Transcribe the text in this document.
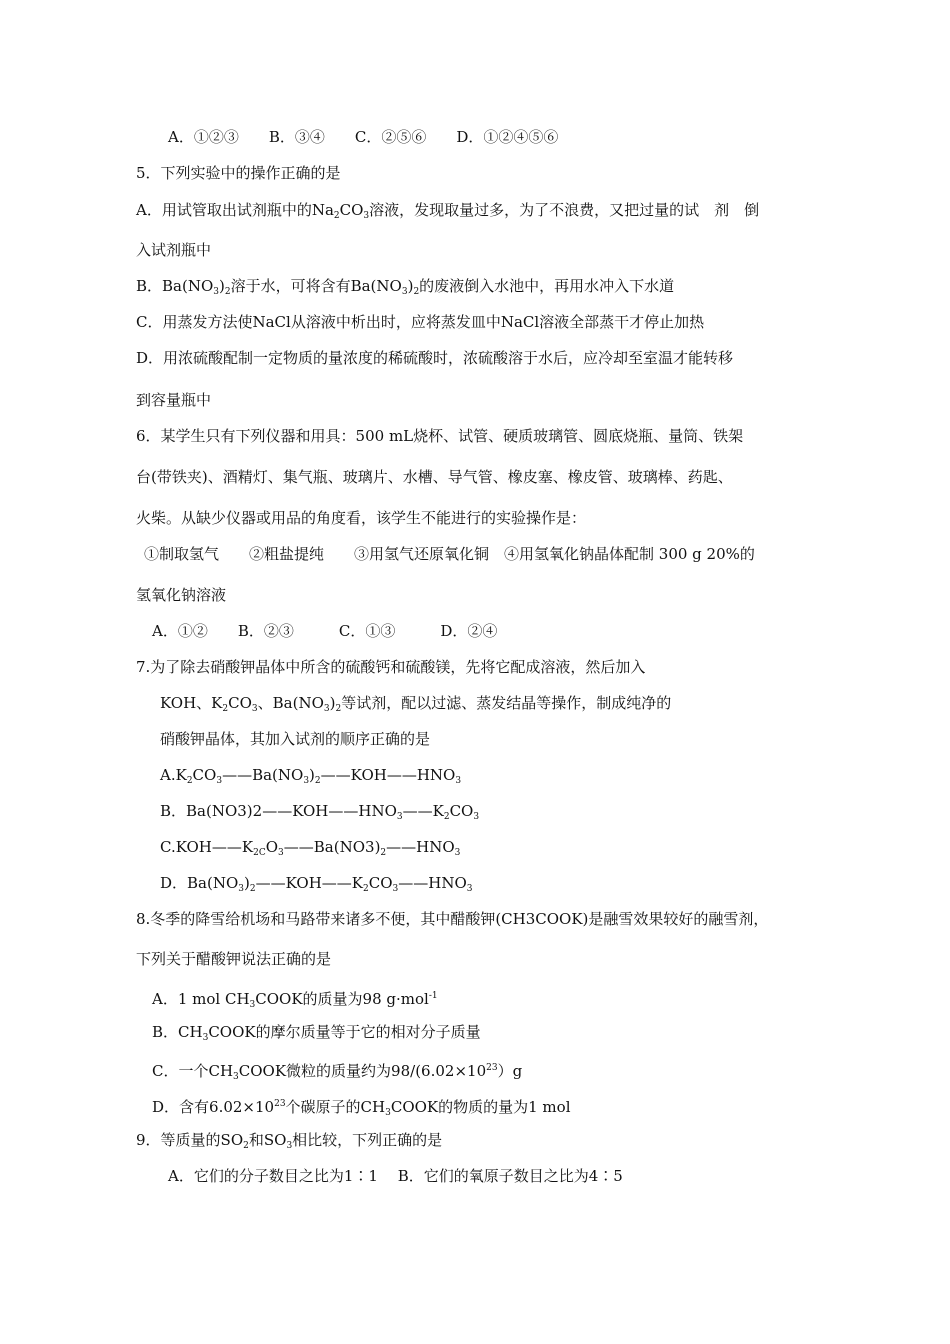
A．①②③　　B．③④　　C．②⑤⑥　　D．①②④⑤⑥
5．下列实验中的操作正确的是
A．用试管取出试剂瓶中的$Na_2CO_3$溶液，发现取量过多，为了不浪费，又把过量的试　剂　倒
入试剂瓶中
B．$Ba(NO_3)_2$溶于水，可将含有$Ba(NO_3)_2$的废液倒入水池中，再用水冲入下水道
C．用蒸发方法使NaCl从溶液中析出时，应将蒸发皿中NaCl溶液全部蒸干才停止加热
D．用浓硫酸配制一定物质的量浓度的稀硫酸时，浓硫酸溶于水后，应冷却至室温才能转移
到容量瓶中
6．某学生只有下列仪器和用具：500 mL烧杯、试管、硬质玻璃管、圆底烧瓶、量筒、铁架
台(带铁夹)、酒精灯、集气瓶、玻璃片、水槽、导气管、橡皮塞、橡皮管、玻璃棒、药匙、
火柴。从缺少仪器或用品的角度看，该学生不能进行的实验操作是：
①制取氢气　　②粗盐提纯　　③用氢气还原氧化铜　④用氢氧化钠晶体配制 300 g 20%的
氢氧化钠溶液
A．①②　　B．②③　　　C．①③　　　D．②④
7.为了除去硝酸钾晶体中所含的硫酸钙和硫酸镁，先将它配成溶液，然后加入
KOH、$K_2CO_3$、$Ba(NO_3)_2$等试剂，配以过滤、蒸发结晶等操作，制成纯净的
硝酸钾晶体，其加入试剂的顺序正确的是
$A.K_2CO_3——Ba(NO_3)_2——KOH——HNO_3$
B．$Ba(NO3)2——KOH——HNO_3——K_2CO_3$
$C.KOH——K_{2C}O_3——Ba(NO3)_2——HNO_3$
D．$Ba(NO_3)_2——KOH——K_2CO_3——HNO_3$
8.冬季的降雪给机场和马路带来诸多不便，其中醋酸钾(CH3COOK)是融雪效果较好的融雪剂，
下列关于醋酸钾说法正确的是
A．1 mol $CH_3COOK$的质量为98 g·mol$^{-1}$
B．$CH_3COOK$的摩尔质量等于它的相对分子质量
C．一个$CH_3COOK$微粒的质量约为$98/(6.02\times 10^{23})g$
D．含有$6.02\times 10^{23}$个碳原子的$CH_3COOK$的物质的量为1 mol
9．等质量的$SO_2$和$SO_3$相比较，下列正确的是
A．它们的分子数目之比为1∶1　 B．它们的氧原子数目之比为4∶5
